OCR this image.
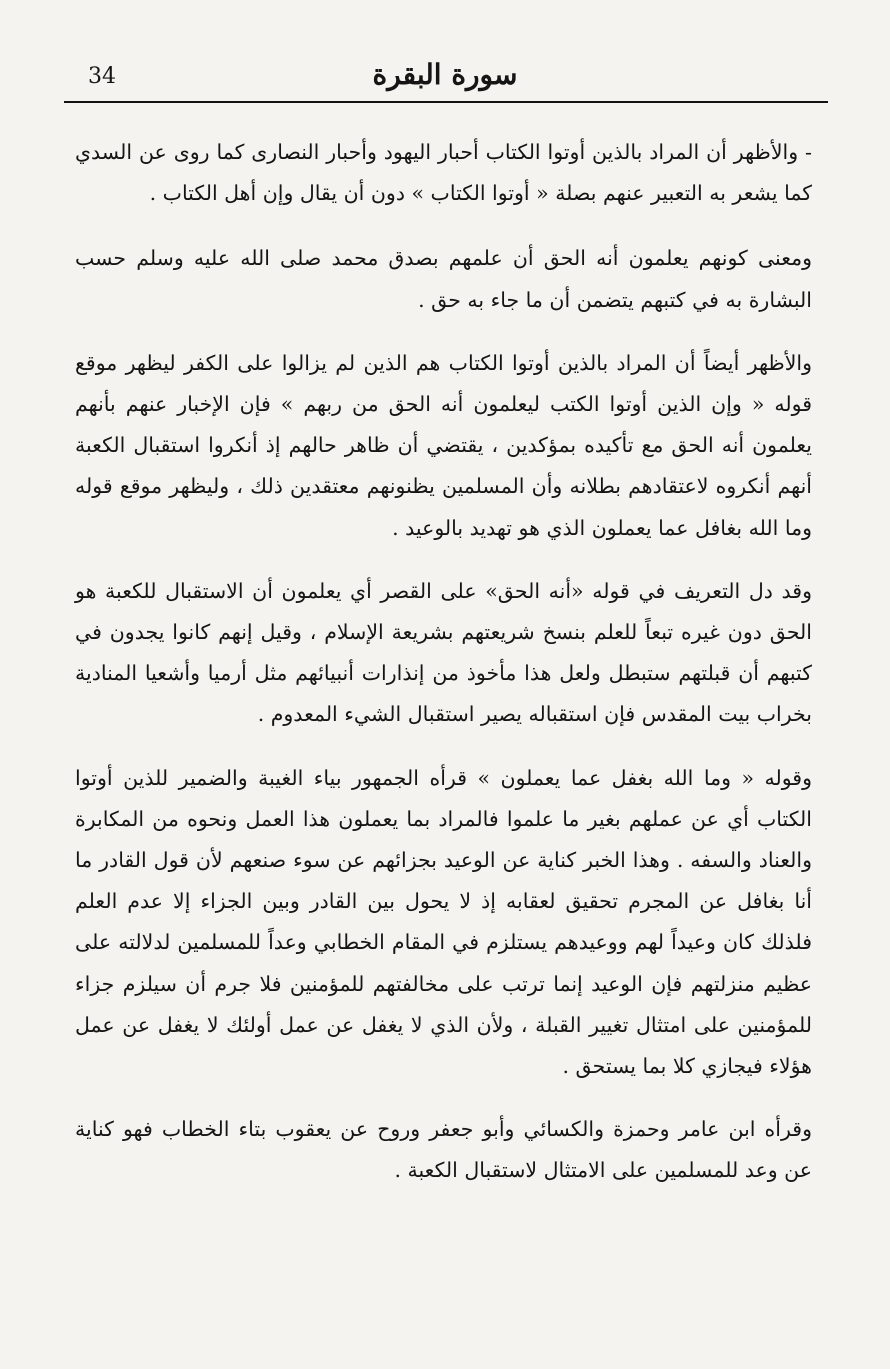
34	سورة البقرة

- والأظهر أن المراد بالذين أوتوا الكتاب أحبار اليهود وأحبار النصارى كما روى عن السدي كما يشعر به التعبير عنهم بصلة « أوتوا الكتاب » دون أن يقال وإن أهل الكتاب .

ومعنى كونهم يعلمون أنه الحق أن علمهم بصدق محمد صلى الله عليه وسلم حسب البشارة به في كتبهم يتضمن أن ما جاء به حق .

والأظهر أيضاً أن المراد بالذين أوتوا الكتاب هم الذين لم يزالوا على الكفر ليظهر موقع قوله « وإن الذين أوتوا الكتب ليعلمون أنه الحق من ربهم » فإن الإخبار عنهم بأنهم يعلمون أنه الحق مع تأكيده بمؤكدين ، يقتضي أن ظاهر حالهم إذ أنكروا استقبال الكعبة أنهم أنكروه لاعتقادهم بطلانه وأن المسلمين يظنونهم معتقدين ذلك ، وليظهر موقع قوله وما الله بغافل عما يعملون الذي هو تهديد بالوعيد .

وقد دل التعريف في قوله «أنه الحق» على القصر أي يعلمون أن الاستقبال للكعبة هو الحق دون غيره تبعاً للعلم بنسخ شريعتهم بشريعة الإسلام ، وقيل إنهم كانوا يجدون في كتبهم أن قبلتهم ستبطل ولعل هذا مأخوذ من إنذارات أنبيائهم مثل أرميا وأشعيا المنادية بخراب بيت المقدس فإن استقباله يصير استقبال الشيء المعدوم .

وقوله « وما الله بغفل عما يعملون » قرأه الجمهور بياء الغيبة والضمير للذين أوتوا الكتاب أي عن عملهم بغير ما علموا فالمراد بما يعملون هذا العمل ونحوه من المكابرة والعناد والسفه . وهذا الخبر كناية عن الوعيد بجزائهم عن سوء صنعهم لأن قول القادر ما أنا بغافل عن المجرم تحقيق لعقابه إذ لا يحول بين القادر وبين الجزاء إلا عدم العلم فلذلك كان وعيداً لهم ووعيدهم يستلزم في المقام الخطابي وعداً للمسلمين لدلالته على عظيم منزلتهم فإن الوعيد إنما ترتب على مخالفتهم للمؤمنين فلا جرم أن سيلزم جزاء للمؤمنين على امتثال تغيير القبلة ، ولأن الذي لا يغفل عن عمل أولئك لا يغفل عن عمل هؤلاء فيجازي كلا بما يستحق .

وقرأه ابن عامر وحمزة والكسائي وأبو جعفر وروح عن يعقوب بتاء الخطاب فهو كناية عن وعد للمسلمين على الامتثال لاستقبال الكعبة .
